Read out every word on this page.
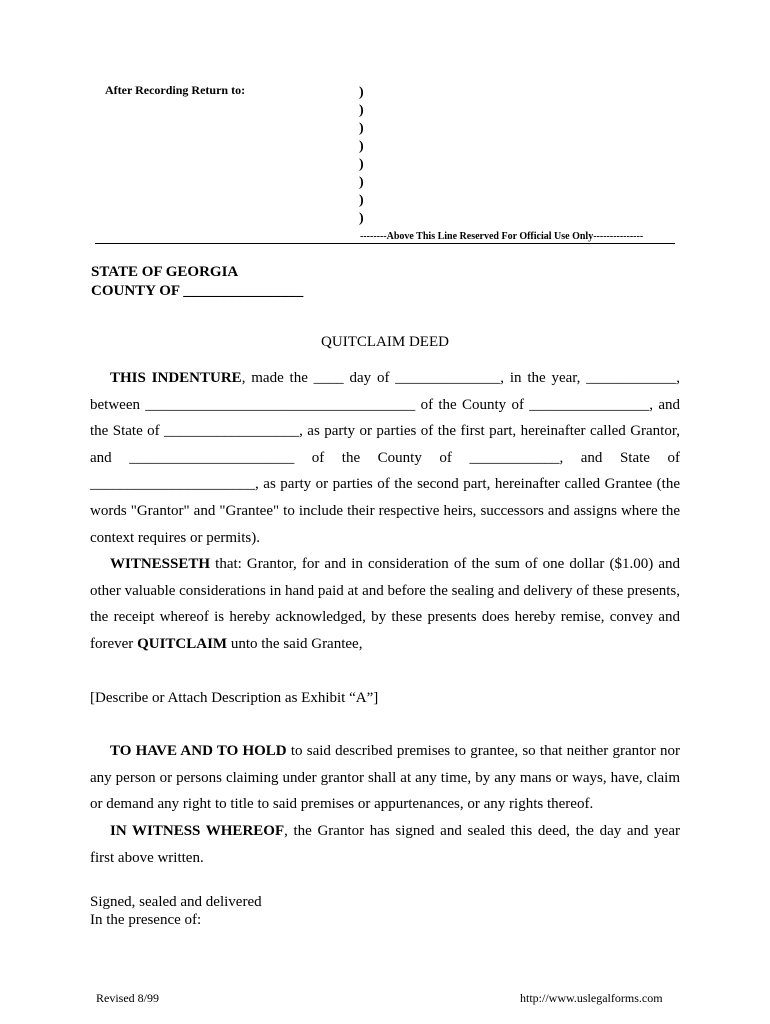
After Recording Return to:	)
)
)
)
)
)
)
)
--------Above This Line Reserved For Official Use Only---------------
STATE OF GEORGIA
COUNTY OF ________________
QUITCLAIM DEED

THIS INDENTURE, made the ____ day of ______________, in the year, ____________, between ____________________________________ of the County of ________________, and the State of __________________, as party or parties of the first part, hereinafter called Grantor, and ______________________ of the County of ____________, and State of ______________________, as party or parties of the second part, hereinafter called Grantee (the words "Grantor" and "Grantee" to include their respective heirs, successors and assigns where the context requires or permits).

WITNESSETH that: Grantor, for and in consideration of the sum of one dollar ($1.00) and other valuable considerations in hand paid at and before the sealing and delivery of these presents, the receipt whereof is hereby acknowledged, by these presents does hereby remise, convey and forever QUITCLAIM unto the said Grantee,

[Describe or Attach Description as Exhibit “A”]

TO HAVE AND TO HOLD to said described premises to grantee, so that neither grantor nor any person or persons claiming under grantor shall at any time, by any mans or ways, have, claim or demand any right to title to said premises or appurtenances, or any rights thereof.

IN WITNESS WHEREOF, the Grantor has signed and sealed this deed, the day and year first above written.

Signed, sealed and delivered
In the presence of:
Revised 8/99	http://www.uslegalforms.com
